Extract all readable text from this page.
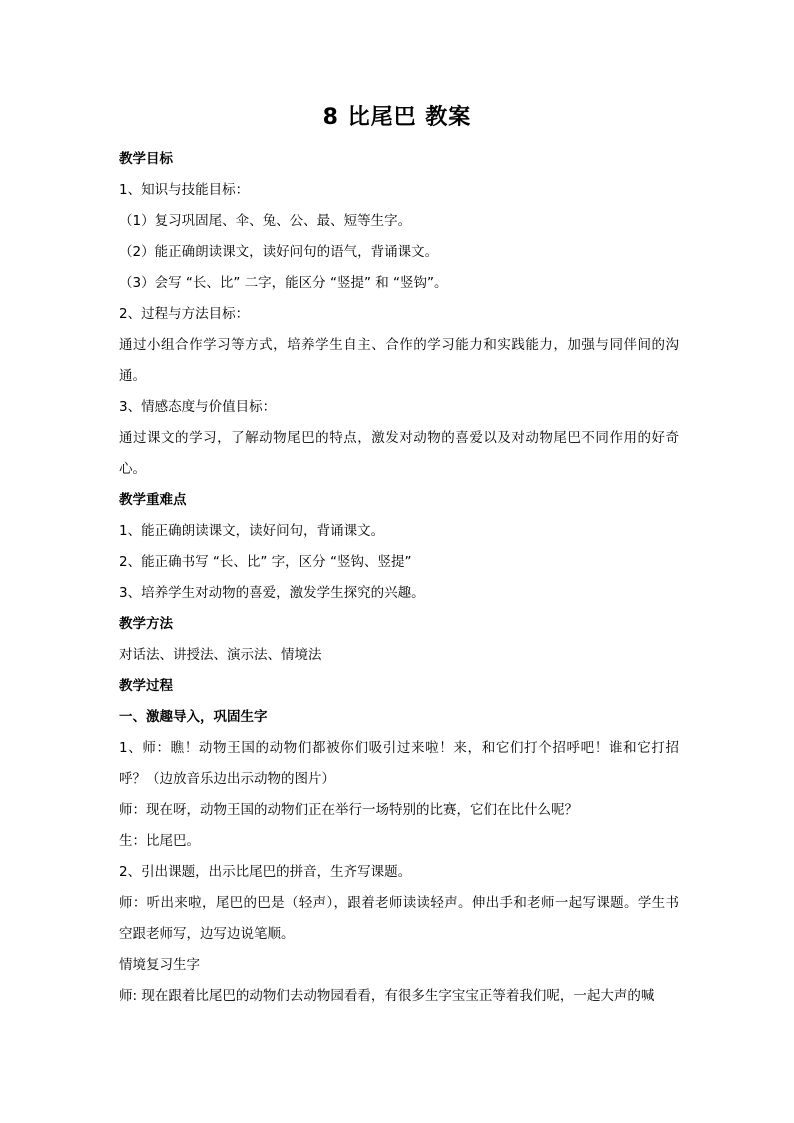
8 比尾巴 教案
教学目标
1、知识与技能目标：
（1）复习巩固尾、伞、兔、公、最、短等生字。
（2）能正确朗读课文，读好问句的语气，背诵课文。
（3）会写 “长、比” 二字，能区分 “竖提” 和 “竖钩”。
2、过程与方法目标：
通过小组合作学习等方式，培养学生自主、合作的学习能力和实践能力，加强与同伴间的沟通。
3、情感态度与价值目标：
通过课文的学习，了解动物尾巴的特点，激发对动物的喜爱以及对动物尾巴不同作用的好奇心。
教学重难点
1、能正确朗读课文，读好问句，背诵课文。
2、能正确书写 “长、比” 字，区分 “竖钩、竖提”
3、培养学生对动物的喜爱，激发学生探究的兴趣。
教学方法
对话法、讲授法、演示法、情境法
教学过程
一、激趣导入，巩固生字
1、师：瞧！动物王国的动物们都被你们吸引过来啦！来，和它们打个招呼吧！谁和它打招呼？（边放音乐边出示动物的图片）
师：现在呀，动物王国的动物们正在举行一场特别的比赛，它们在比什么呢？
生：比尾巴。
2、引出课题，出示比尾巴的拼音，生齐写课题。
师：听出来啦，尾巴的巴是（轻声），跟着老师读读轻声。伸出手和老师一起写课题。学生书空跟老师写，边写边说笔顺。
情境复习生字
师: 现在跟着比尾巴的动物们去动物园看看，有很多生字宝宝正等着我们呢，一起大声的喊
